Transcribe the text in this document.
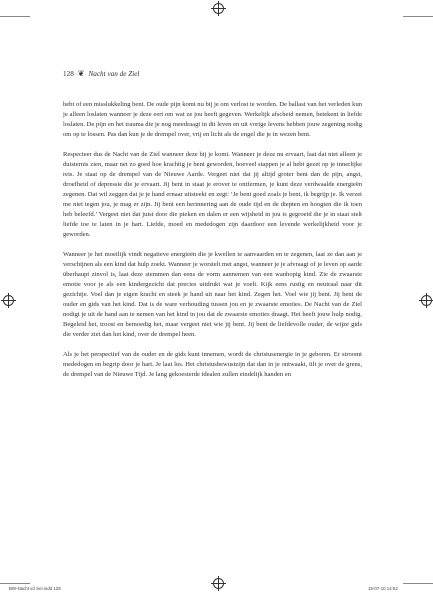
128 ❦ Nacht van de Ziel

hebt of een misslukkeling bent. De oude pijn komt nu bij je om verlost te worden. De ballast van het verleden kun je alleen loslaten wanneer je deze eert om wat ze jou heeft gegeven. Werkelijk afscheid nemen, betekent in liefde loslaten. De pijn en het trauma die je nog meedraagt in dit leven en uit vorige levens hebben jouw zegening nodig om op te lossen. Pas dan kun je de drempel over, vrij en licht als de engel die je in wezen bent.

Respecteer dus de Nacht van de Ziel wanneer deze bij je komt. Wanneer je deze nu ervaart, laat dat niet alleen je duisternis zien, maar net zo goed hoe krachtig je bent geworden, hoeveel stappen je al hebt gezet op je innerlijke reis. Je staat op de drempel van de Nieuwe Aarde. Vergeet niet dat jij altijd groter bent dan de pijn, angst, droefheid of depressie die je ervaart. Jij bent in staat je erover te ontfermen, je kunt deze verdwaalde energieën zegenen. Dat wil zeggen dat je je hand ernaar uitsteekt en zegt: ‘Je bent goed zoals je bent, ik begrijp je. Ik verzet me niet tegen jou, je mag er zijn. Jij bent een herinnering aan de oude tijd en de diepten en hoogten die ik toen heb beleefd.’ Vergeet niet dat juist door die pieken en dalen er een wijsheid in jou is gegroeid die je in staat stelt liefde toe te laten in je hart. Liefde, moed en mededogen zijn daardoor een levende werkelijkheid voor je geworden.

Wanneer je het moeilijk vindt negatieve energieën die je kwellen te aanvaarden en te zegenen, laat ze dan aan je verschijnen als een kind dat hulp zoekt. Wanneer je worstelt met angst, wanneer je je afvraagt of je leven op aarde überhaupt zinvol is, laat deze stemmen dan eens de vorm aannemen van een wanhopig kind. Zie de zwaarste emotie voor je als een kindergezicht dat precies uitdrukt wat je voelt. Kijk eens rustig en neutraal naar dit gezichtje. Voel dan je eigen kracht en steek je hand uit naar het kind. Zegen het. Voel wie jij bent. Jij bent de ouder en gids van het kind. Dat is de ware verhouding tussen jou en je zwaarste emoties. De Nacht van de Ziel nodigt je uit de hand aan te nemen van het kind in jou dat de zwaarste emoties draagt. Het heeft jouw hulp nodig. Begeleid het, troost en bemoedig het, maar vergeet niet wie jij bent. Jij bent de liefdevolle ouder, de wijze gids die verder ziet dan het kind, over de drempel heen.

Als je het perspectief van de ouder en de gids kunt innemen, wordt de christusenergie in je geboren. Er stroomt mededogen en begrip door je hart. Je laat los. Het christusbewustzijn dat dan in je ontwaakt, tilt je over de grens, de drempel van de Nieuwe Tijd. Je lang gekoesterde idealen zullen eindelijk handen en

BW-Nacht vd ziel.indd 128	15-07-10 14:52
